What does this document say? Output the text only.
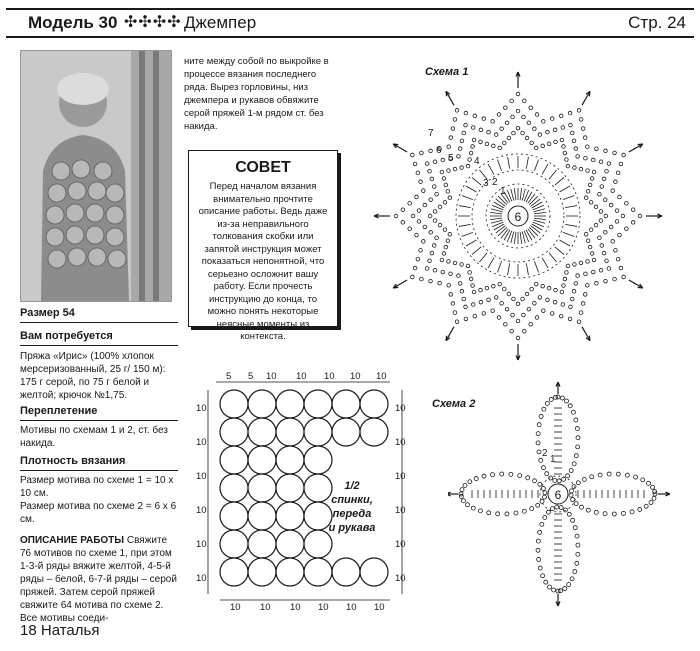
Модель 30 ✣✣✣✣ Джемпер	Стр. 24
Размер 54
Вам потребуется
Пряжа «Ирис» (100% хлопок мерсеризованный, 25 г/ 150 м): 175 г серой, по 75 г белой и желтой; крючок №1,75.
Переплетение
Мотивы по схемам 1 и 2, ст. без накида.
Плотность вязания
Размер мотива по схеме 1 = 10 х 10 см.
Размер мотива по схеме 2 = 6 х 6 см.
ОПИСАНИЕ РАБОТЫ Свяжите 76 мотивов по схеме 1, при этом 1-3-й ряды вяжите желтой, 4-5-й ряды – белой, 6-7-й ряды – серой пряжей. Затем серой пряжей свяжите 64 мотива по схеме 2. Все мотивы соеди-
ните между собой по выкройке в процессе вязания последнего ряда. Вырез горловины, низ джемпера и рукавов обвяжите серой пряжей 1-м рядом ст. без накида.
СОВЕТ
Перед началом вязания внимательно прочтите описание работы. Ведь даже из-за неправильного толкования скобки или запятой инструкция может показаться непонятной, что серьезно осложнит вашу работу. Если прочесть инструкцию до конца, то можно понять некоторые неясные моменты из контекста.
Схема 1
6
1
2
3
4
5
6
7
Схема 2
6
1
2
5 5 10 10 10 10 10
10 10 10 10 10 10
10
10
10
10
10
10
10
10
10
10
10
10
1/2
спинки,
переда
и рукава
18 Наталья
